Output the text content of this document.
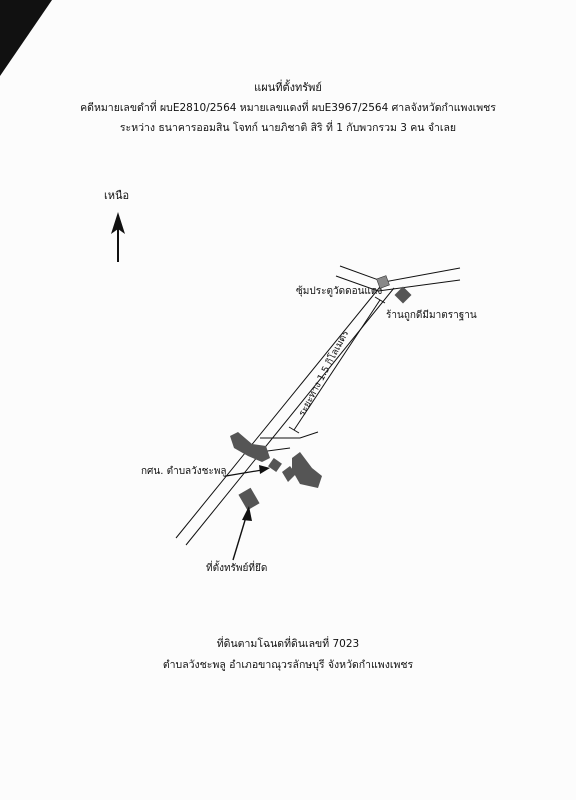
แผนที่ตั้งทรัพย์
คดีหมายเลขดำที่ ผบE2810/2564 หมายเลขแดงที่ ผบE3967/2564 ศาลจังหวัดกำแพงเพชร
ระหว่าง ธนาคารออมสิน โจทก์ นายภิชาติ สิริ ที่ 1 กับพวกรวม 3 คน จำเลย
เหนือ
ซุ้มประตูวัดดอนแดง
ร้านถูกดีมีมาตราฐาน
ระยะทาง 1.5 กิโลเมตร
กศน. ตำบลวังชะพลู
ที่ตั้งทรัพย์ที่ยึด
ที่ดินตามโฉนดที่ดินเลขที่ 7023
ตำบลวังชะพลู อำเภอขาณุวรลักษบุรี จังหวัดกำแพงเพชร
